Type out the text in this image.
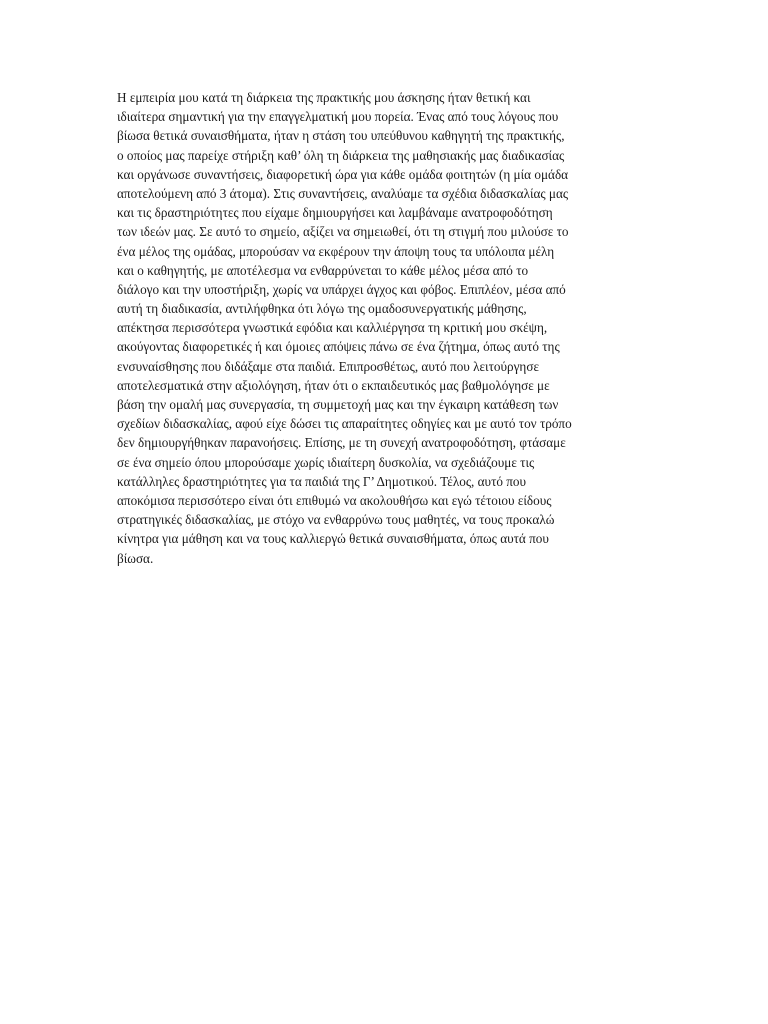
Η εμπειρία μου κατά τη διάρκεια της πρακτικής μου άσκησης ήταν θετική και
ιδιαίτερα σημαντική για την επαγγελματική μου πορεία. Ένας από τους λόγους που
βίωσα θετικά συναισθήματα, ήταν η στάση του υπεύθυνου καθηγητή της πρακτικής,
ο οποίος μας παρείχε στήριξη καθ’ όλη τη διάρκεια της μαθησιακής μας διαδικασίας
και οργάνωσε συναντήσεις, διαφορετική ώρα για κάθε ομάδα φοιτητών (η μία ομάδα
αποτελούμενη από 3 άτομα). Στις συναντήσεις, αναλύαμε τα σχέδια διδασκαλίας μας
και τις δραστηριότητες που είχαμε δημιουργήσει και λαμβάναμε ανατροφοδότηση
των ιδεών μας. Σε αυτό το σημείο, αξίζει να σημειωθεί, ότι τη στιγμή που μιλούσε το
ένα μέλος της ομάδας, μπορούσαν να εκφέρουν την άποψη τους τα υπόλοιπα μέλη
και ο καθηγητής, με αποτέλεσμα να ενθαρρύνεται το κάθε μέλος μέσα από το
διάλογο και την υποστήριξη, χωρίς να υπάρχει άγχος και φόβος. Επιπλέον, μέσα από
αυτή τη διαδικασία, αντιλήφθηκα ότι λόγω της ομαδοσυνεργατικής μάθησης,
απέκτησα περισσότερα γνωστικά εφόδια και καλλιέργησα τη κριτική μου σκέψη,
ακούγοντας διαφορετικές ή και όμοιες απόψεις πάνω σε ένα ζήτημα, όπως αυτό της
ενσυναίσθησης που διδάξαμε στα παιδιά. Επιπροσθέτως, αυτό που λειτούργησε
αποτελεσματικά στην αξιολόγηση, ήταν ότι ο εκπαιδευτικός μας βαθμολόγησε με
βάση την ομαλή μας συνεργασία, τη συμμετοχή μας και την έγκαιρη κατάθεση των
σχεδίων διδασκαλίας, αφού είχε δώσει τις απαραίτητες οδηγίες και με αυτό τον τρόπο
δεν δημιουργήθηκαν παρανοήσεις. Επίσης, με τη συνεχή ανατροφοδότηση, φτάσαμε
σε ένα σημείο όπου μπορούσαμε χωρίς ιδιαίτερη δυσκολία, να σχεδιάζουμε τις
κατάλληλες δραστηριότητες για τα παιδιά της Γ’ Δημοτικού. Τέλος, αυτό που
αποκόμισα περισσότερο είναι ότι επιθυμώ να ακολουθήσω και εγώ τέτοιου είδους
στρατηγικές διδασκαλίας, με στόχο να ενθαρρύνω τους μαθητές, να τους προκαλώ
κίνητρα για μάθηση και να τους καλλιεργώ θετικά συναισθήματα, όπως αυτά που
βίωσα.
